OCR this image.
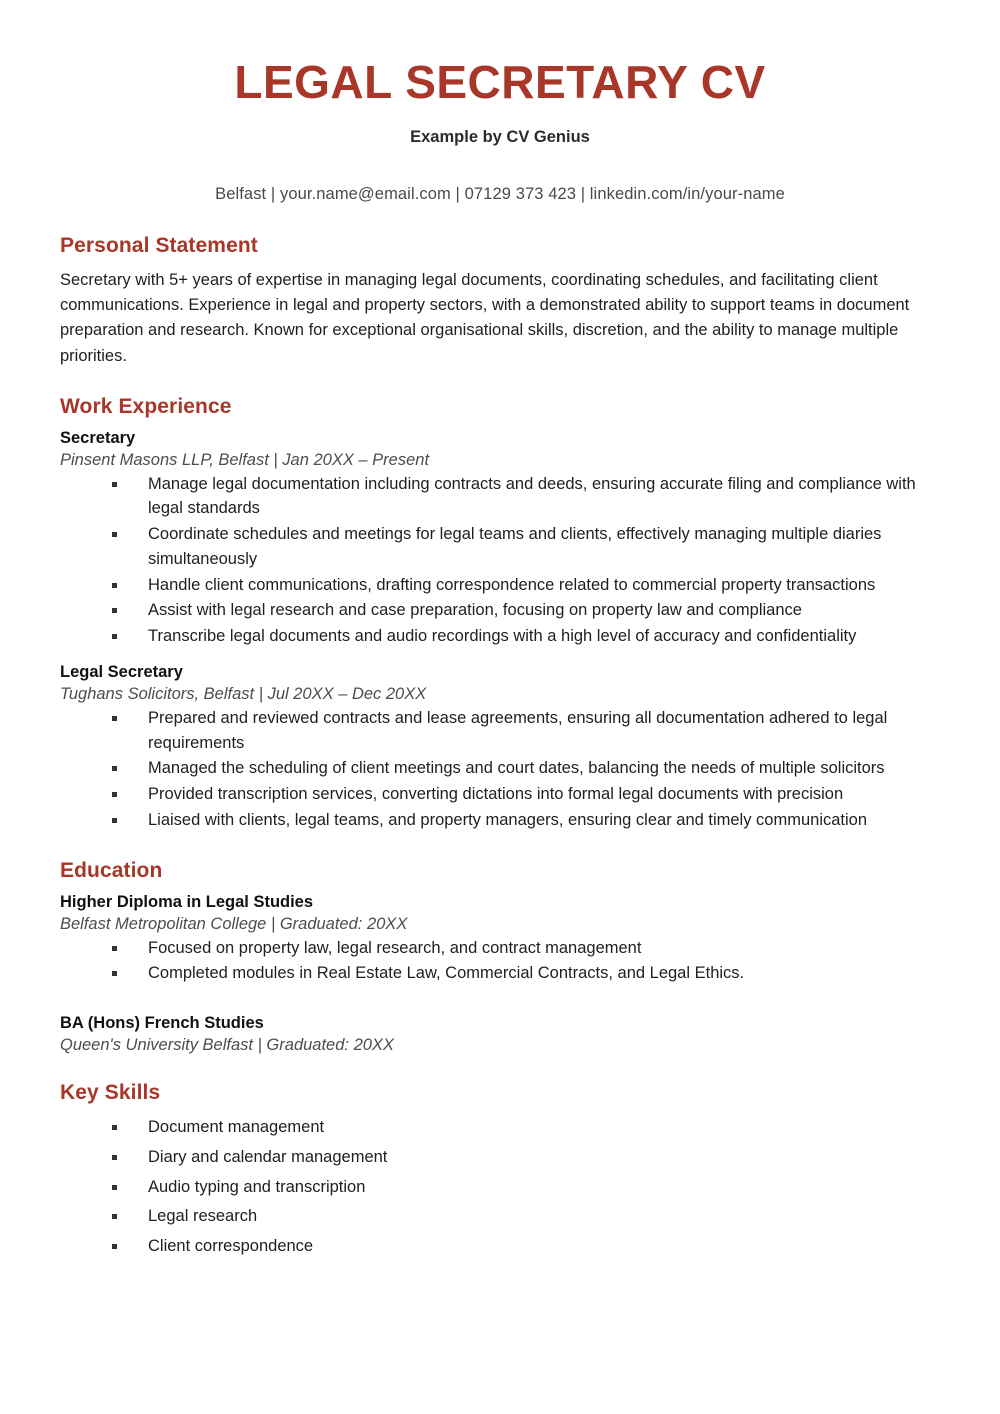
LEGAL SECRETARY CV
Example by CV Genius
Belfast | your.name@email.com | 07129 373 423 | linkedin.com/in/your-name
Personal Statement

Secretary with 5+ years of expertise in managing legal documents, coordinating schedules, and facilitating client communications. Experience in legal and property sectors, with a demonstrated ability to support teams in document preparation and research. Known for exceptional organisational skills, discretion, and the ability to manage multiple priorities.

Work Experience
Secretary
Pinsent Masons LLP, Belfast | Jan 20XX – Present
Manage legal documentation including contracts and deeds, ensuring accurate filing and compliance with legal standards
Coordinate schedules and meetings for legal teams and clients, effectively managing multiple diaries simultaneously
Handle client communications, drafting correspondence related to commercial property transactions
Assist with legal research and case preparation, focusing on property law and compliance
Transcribe legal documents and audio recordings with a high level of accuracy and confidentiality
Legal Secretary
Tughans Solicitors, Belfast | Jul 20XX – Dec 20XX
Prepared and reviewed contracts and lease agreements, ensuring all documentation adhered to legal requirements
Managed the scheduling of client meetings and court dates, balancing the needs of multiple solicitors
Provided transcription services, converting dictations into formal legal documents with precision
Liaised with clients, legal teams, and property managers, ensuring clear and timely communication
Education
Higher Diploma in Legal Studies
Belfast Metropolitan College | Graduated: 20XX
Focused on property law, legal research, and contract management
Completed modules in Real Estate Law, Commercial Contracts, and Legal Ethics.
BA (Hons) French Studies
Queen's University Belfast | Graduated: 20XX
Key Skills
Document management
Diary and calendar management
Audio typing and transcription
Legal research
Client correspondence
